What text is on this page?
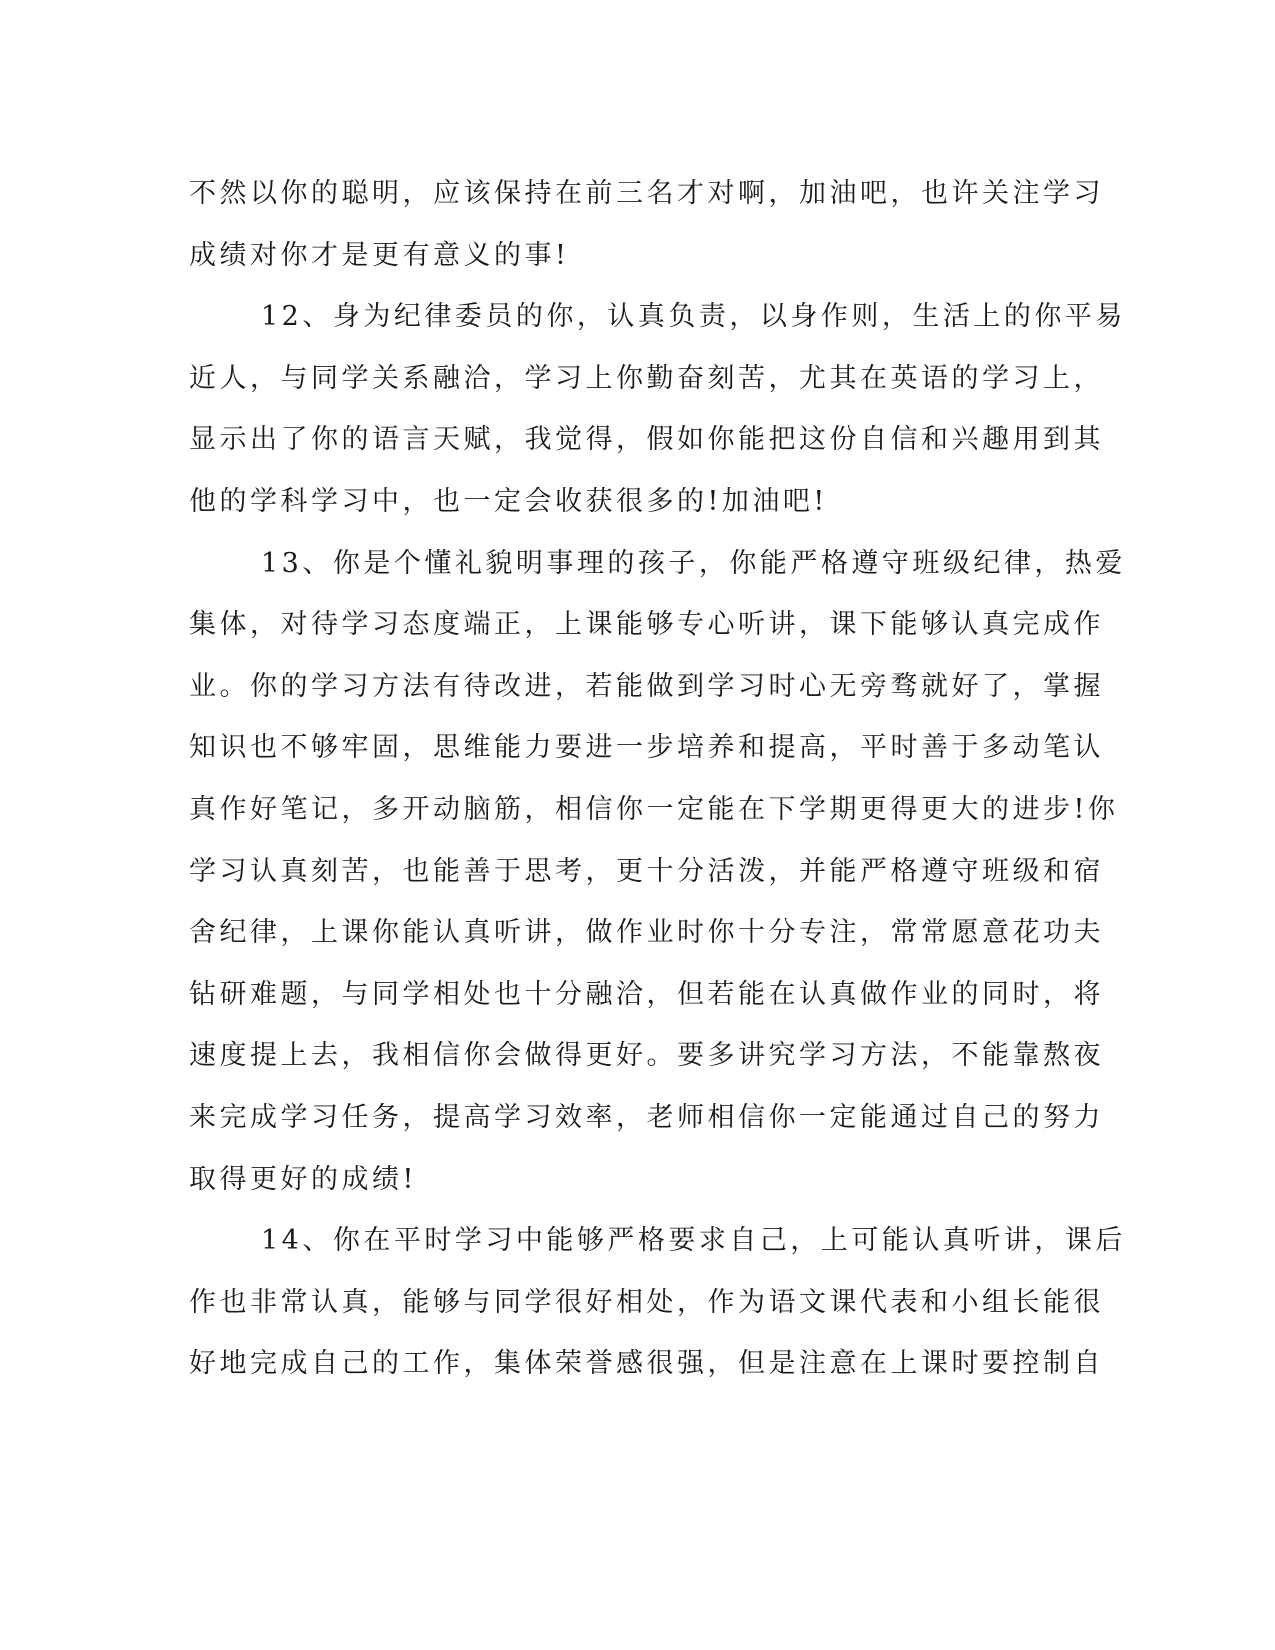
不然以你的聪明，应该保持在前三名才对啊，加油吧，也许关注学习
成绩对你才是更有意义的事!
12、身为纪律委员的你，认真负责，以身作则，生活上的你平易
近人，与同学关系融洽，学习上你勤奋刻苦，尤其在英语的学习上，
显示出了你的语言天赋，我觉得，假如你能把这份自信和兴趣用到其
他的学科学习中，也一定会收获很多的!加油吧!
13、你是个懂礼貌明事理的孩子，你能严格遵守班级纪律，热爱
集体，对待学习态度端正，上课能够专心听讲，课下能够认真完成作
业。你的学习方法有待改进，若能做到学习时心无旁骛就好了，掌握
知识也不够牢固，思维能力要进一步培养和提高，平时善于多动笔认
真作好笔记，多开动脑筋，相信你一定能在下学期更得更大的进步!你
学习认真刻苦，也能善于思考，更十分活泼，并能严格遵守班级和宿
舍纪律，上课你能认真听讲，做作业时你十分专注，常常愿意花功夫
钻研难题，与同学相处也十分融洽，但若能在认真做作业的同时，将
速度提上去，我相信你会做得更好。要多讲究学习方法，不能靠熬夜
来完成学习任务，提高学习效率，老师相信你一定能通过自己的努力
取得更好的成绩!
14、你在平时学习中能够严格要求自己，上可能认真听讲，课后
作也非常认真，能够与同学很好相处，作为语文课代表和小组长能很
好地完成自己的工作，集体荣誉感很强，但是注意在上课时要控制自
